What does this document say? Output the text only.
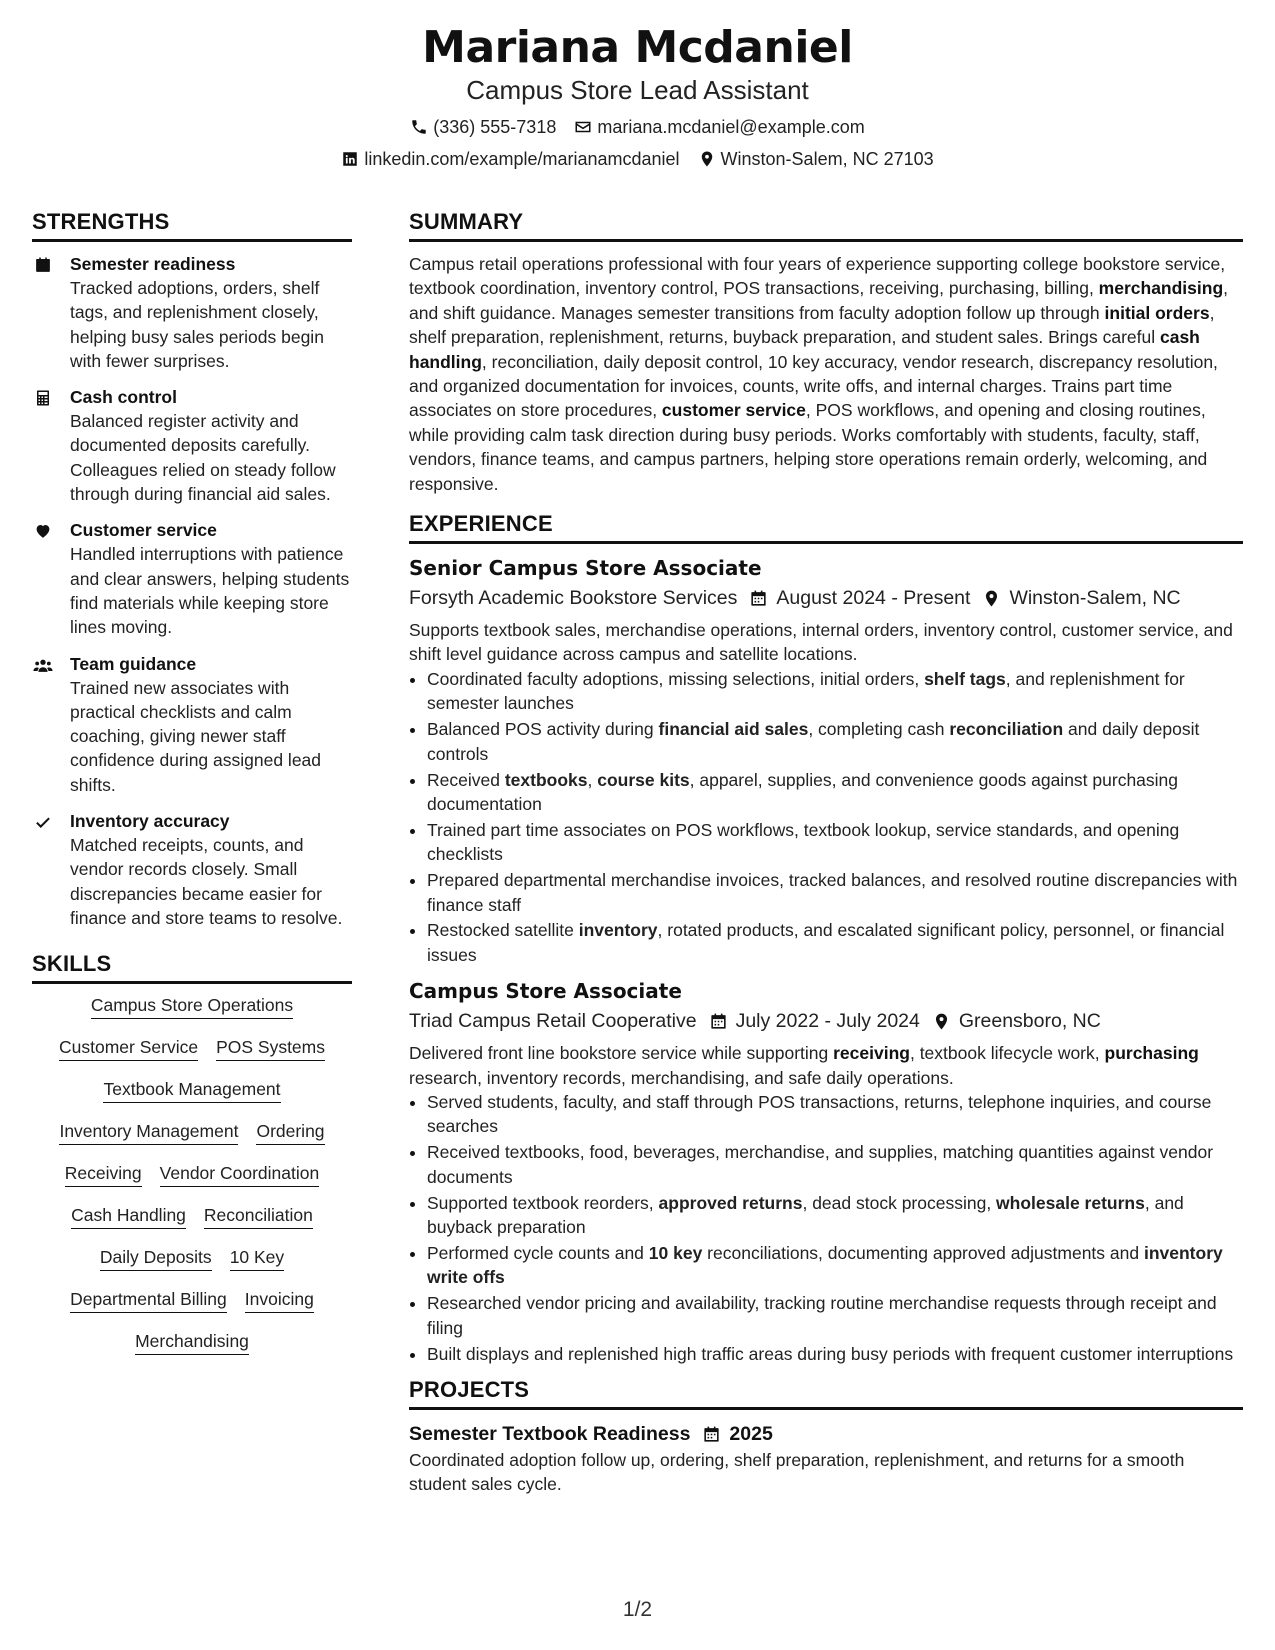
Mariana Mcdaniel
Campus Store Lead Assistant
(336) 555-7318 mariana.mcdaniel@example.com
linkedin.com/example/marianamcdaniel Winston-Salem, NC 27103
STRENGTHS
Semester readiness
Tracked adoptions, orders, shelf tags, and replenishment closely, helping busy sales periods begin with fewer surprises.
Cash control
Balanced register activity and documented deposits carefully. Colleagues relied on steady follow through during financial aid sales.
Customer service
Handled interruptions with patience and clear answers, helping students find materials while keeping store lines moving.
Team guidance
Trained new associates with practical checklists and calm coaching, giving newer staff confidence during assigned lead shifts.
Inventory accuracy
Matched receipts, counts, and vendor records closely. Small discrepancies became easier for finance and store teams to resolve.
SKILLS
Campus Store Operations
Customer Service POS Systems
Textbook Management
Inventory Management Ordering
Receiving Vendor Coordination
Cash Handling Reconciliation
Daily Deposits 10 Key
Departmental Billing Invoicing
Merchandising
SUMMARY
Campus retail operations professional with four years of experience supporting college bookstore service, textbook coordination, inventory control, POS transactions, receiving, purchasing, billing, merchandising, and shift guidance. Manages semester transitions from faculty adoption follow up through initial orders, shelf preparation, replenishment, returns, buyback preparation, and student sales. Brings careful cash handling, reconciliation, daily deposit control, 10 key accuracy, vendor research, discrepancy resolution, and organized documentation for invoices, counts, write offs, and internal charges. Trains part time associates on store procedures, customer service, POS workflows, and opening and closing routines, while providing calm task direction during busy periods. Works comfortably with students, faculty, staff, vendors, finance teams, and campus partners, helping store operations remain orderly, welcoming, and responsive.
EXPERIENCE
Senior Campus Store Associate
Forsyth Academic Bookstore Services August 2024 - Present Winston-Salem, NC
Supports textbook sales, merchandise operations, internal orders, inventory control, customer service, and shift level guidance across campus and satellite locations.
• Coordinated faculty adoptions, missing selections, initial orders, shelf tags, and replenishment for semester launches
• Balanced POS activity during financial aid sales, completing cash reconciliation and daily deposit controls
• Received textbooks, course kits, apparel, supplies, and convenience goods against purchasing documentation
• Trained part time associates on POS workflows, textbook lookup, service standards, and opening checklists
• Prepared departmental merchandise invoices, tracked balances, and resolved routine discrepancies with finance staff
• Restocked satellite inventory, rotated products, and escalated significant policy, personnel, or financial issues
Campus Store Associate
Triad Campus Retail Cooperative July 2022 - July 2024 Greensboro, NC
Delivered front line bookstore service while supporting receiving, textbook lifecycle work, purchasing research, inventory records, merchandising, and safe daily operations.
• Served students, faculty, and staff through POS transactions, returns, telephone inquiries, and course searches
• Received textbooks, food, beverages, merchandise, and supplies, matching quantities against vendor documents
• Supported textbook reorders, approved returns, dead stock processing, wholesale returns, and buyback preparation
• Performed cycle counts and 10 key reconciliations, documenting approved adjustments and inventory write offs
• Researched vendor pricing and availability, tracking routine merchandise requests through receipt and filing
• Built displays and replenished high traffic areas during busy periods with frequent customer interruptions
PROJECTS
Semester Textbook Readiness 2025
Coordinated adoption follow up, ordering, shelf preparation, replenishment, and returns for a smooth student sales cycle.
1/2
